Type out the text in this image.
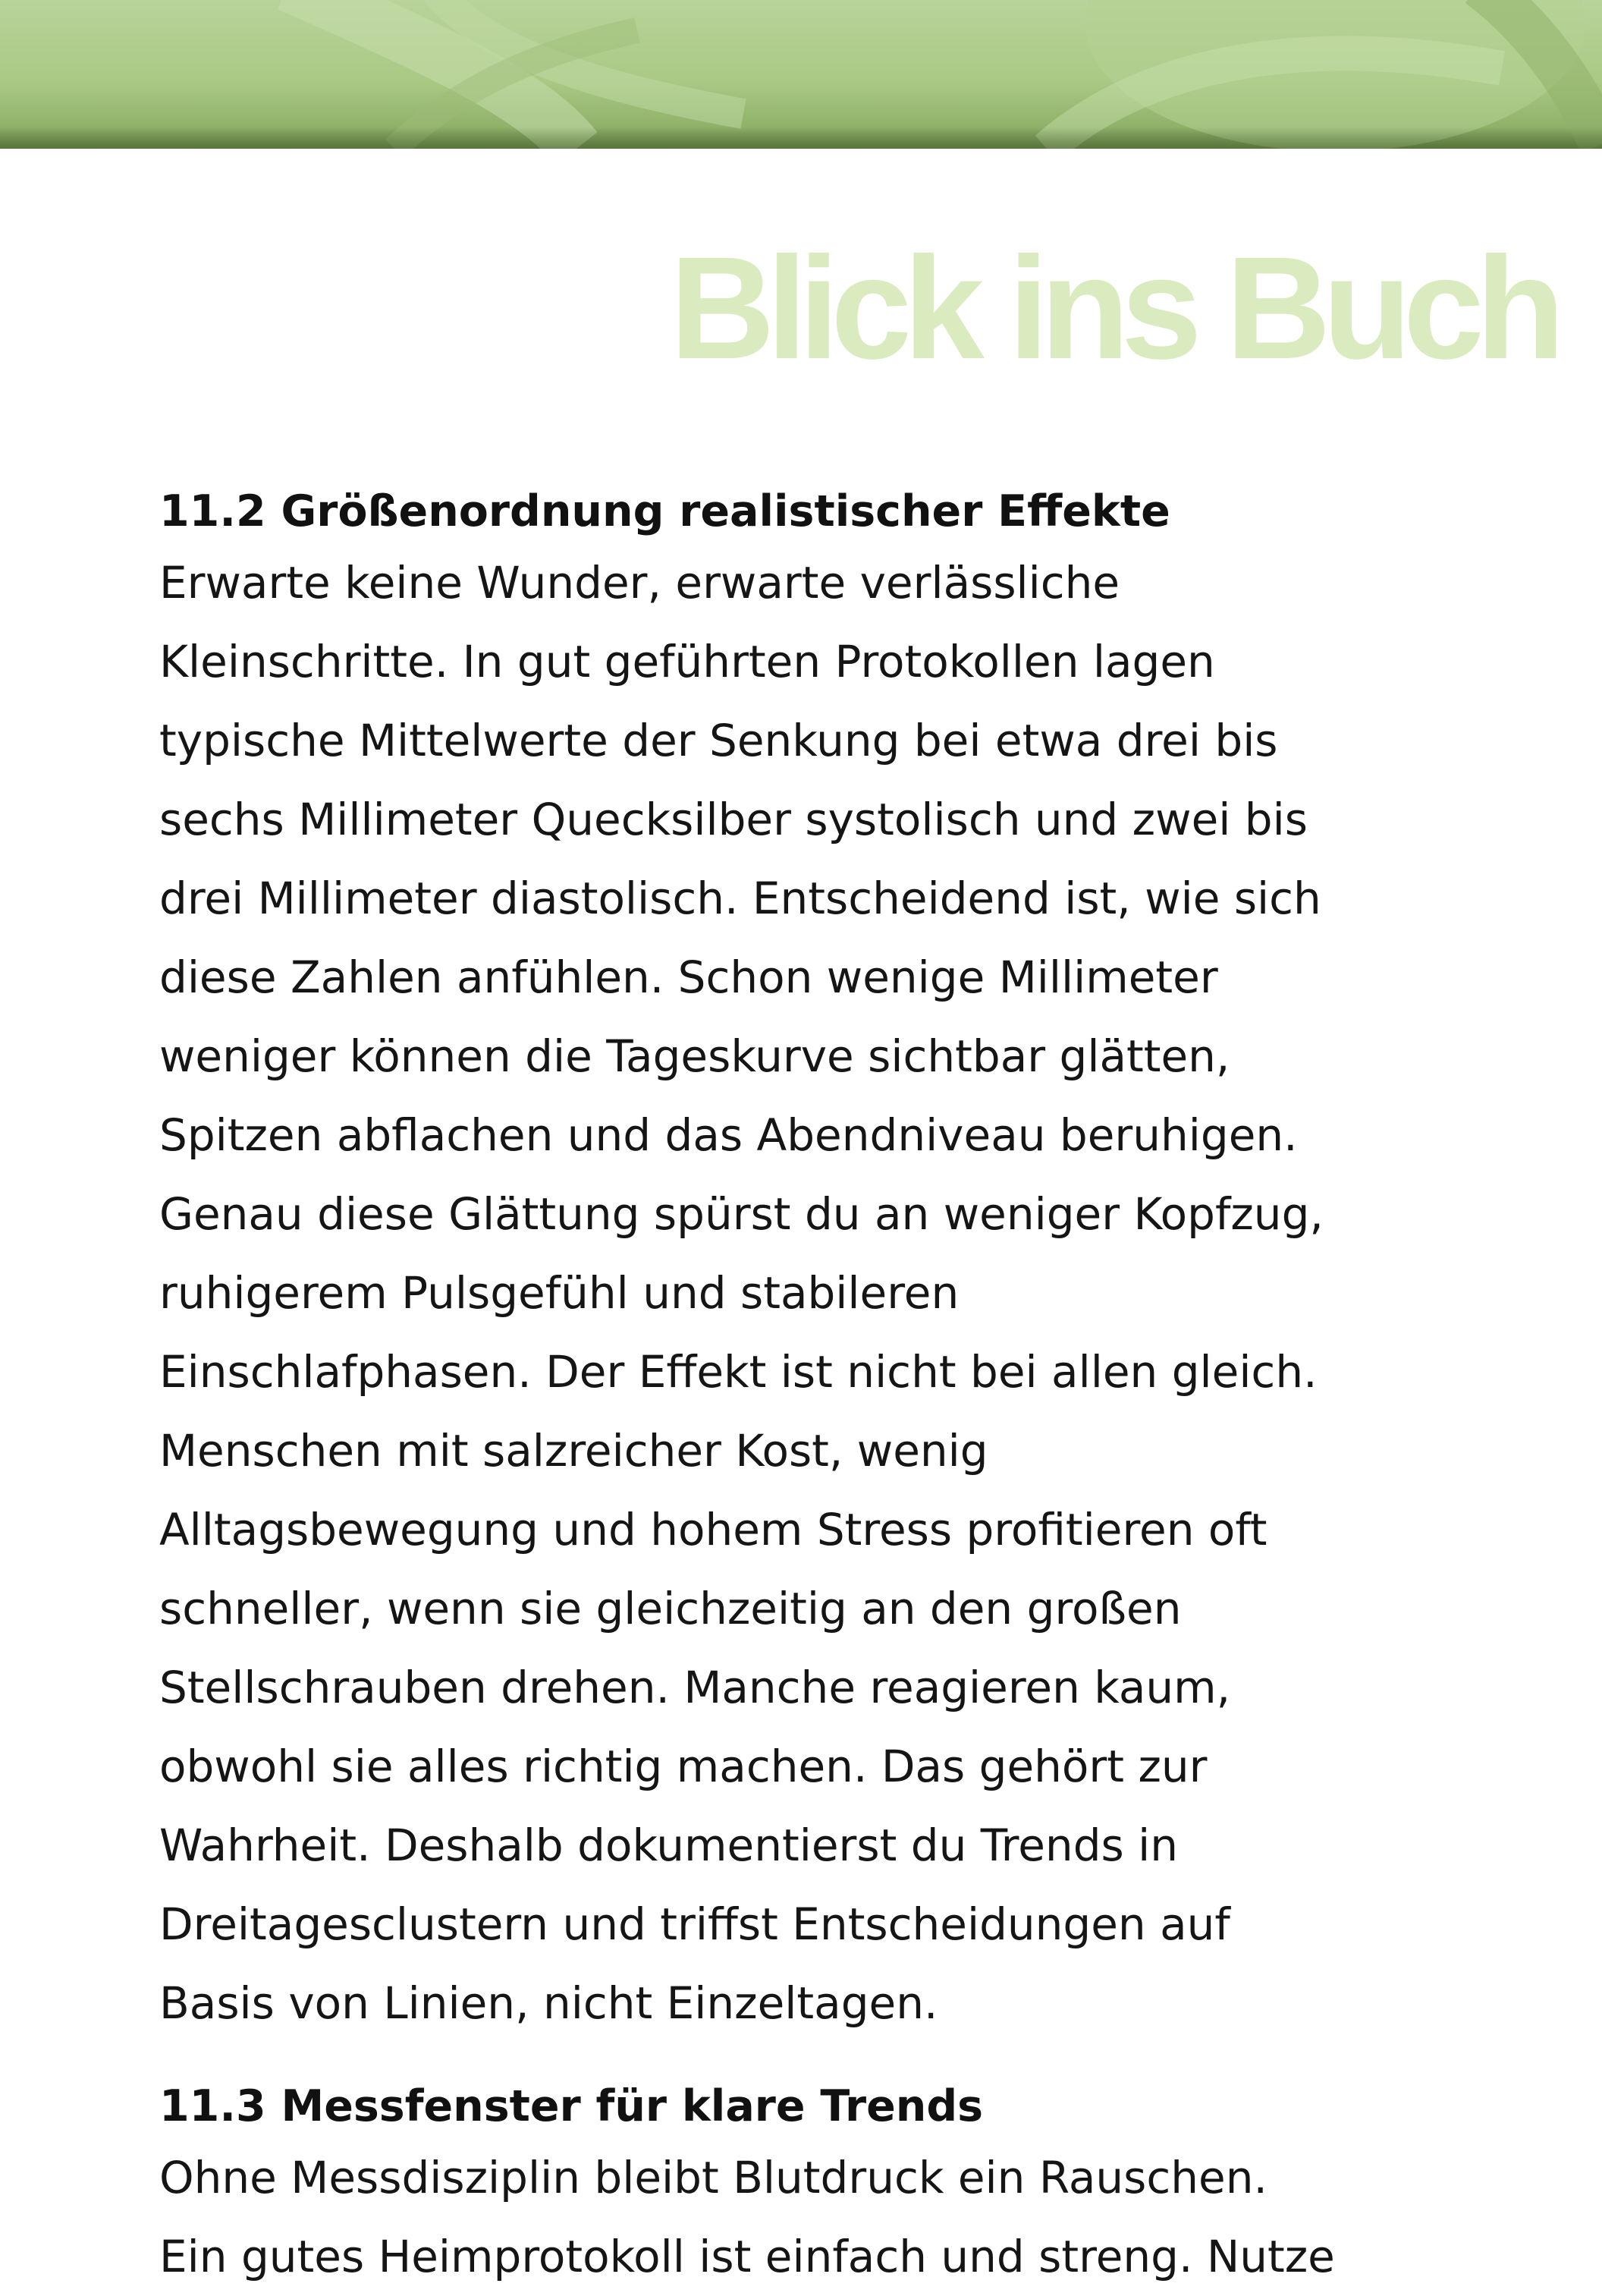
Blick ins Buch
11.2 Größenordnung realistischer Effekte
Erwarte keine Wunder, erwarte verlässliche
Kleinschritte. In gut geführten Protokollen lagen
typische Mittelwerte der Senkung bei etwa drei bis
sechs Millimeter Quecksilber systolisch und zwei bis
drei Millimeter diastolisch. Entscheidend ist, wie sich
diese Zahlen anfühlen. Schon wenige Millimeter
weniger können die Tageskurve sichtbar glätten,
Spitzen abflachen und das Abendniveau beruhigen.
Genau diese Glättung spürst du an weniger Kopfzug,
ruhigerem Pulsgefühl und stabileren
Einschlafphasen. Der Effekt ist nicht bei allen gleich.
Menschen mit salzreicher Kost, wenig
Alltagsbewegung und hohem Stress profitieren oft
schneller, wenn sie gleichzeitig an den großen
Stellschrauben drehen. Manche reagieren kaum,
obwohl sie alles richtig machen. Das gehört zur
Wahrheit. Deshalb dokumentierst du Trends in
Dreitagesclustern und triffst Entscheidungen auf
Basis von Linien, nicht Einzeltagen.
11.3 Messfenster für klare Trends
Ohne Messdisziplin bleibt Blutdruck ein Rauschen.
Ein gutes Heimprotokoll ist einfach und streng. Nutze
